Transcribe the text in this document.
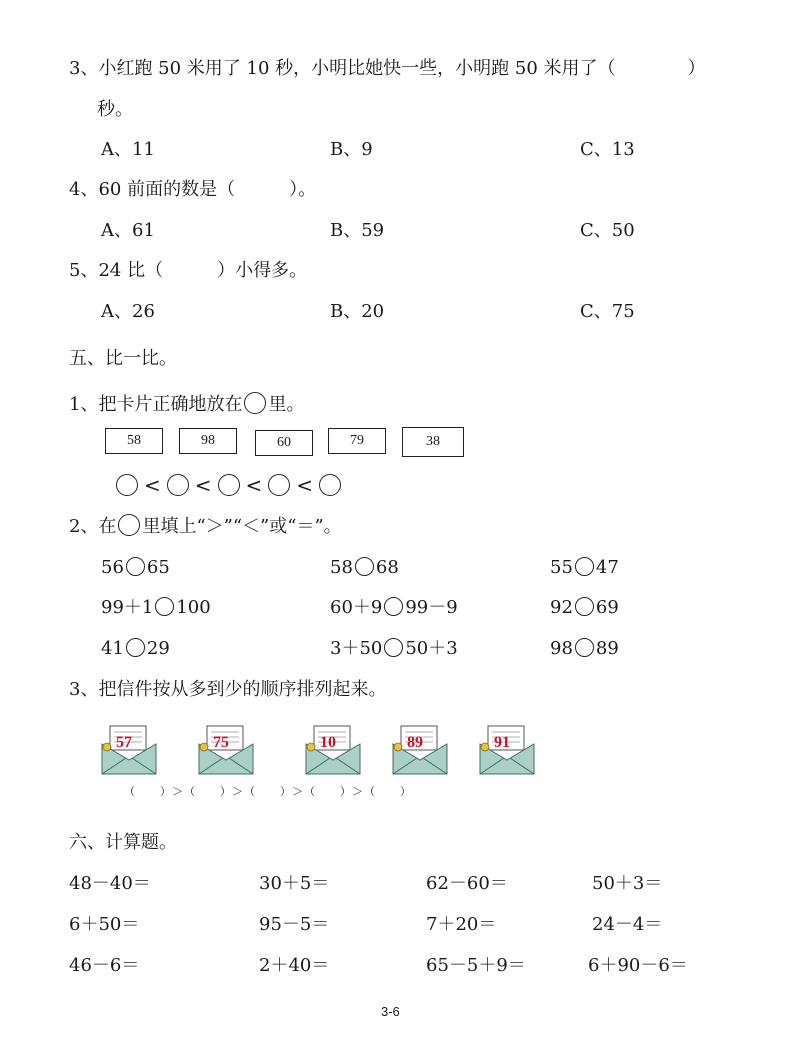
3、小红跑 50 米用了 10 秒，小明比她快一些，小明跑 50 米用了（　　　　）
秒。
A、11	B、9	C、13
4、60 前面的数是（　　　）。
A、61	B、59	C、50
5、24 比（　　　）小得多。
A、26	B、20	C、75
五、比一比。
1、把卡片正确地放在 里。
58	98	60	79	38
< < < <
2、在 里填上“＞”“＜”或“＝”。
56 65	58 68	55 47
99＋1 100	60＋9 99－9	92 69
41 29	3＋50 50＋3	98 89
3、把信件按从多到少的顺序排列起来。
57	75	10	89	91
（　　）＞（　　）＞（　　）＞（　　）＞（　　）
六、计算题。
48－40＝	30＋5＝	62－60＝	50＋3＝
6＋50＝	95－5＝	7＋20＝	24－4＝
46－6＝	2＋40＝	65－5＋9＝	6＋90－6＝
3-6
